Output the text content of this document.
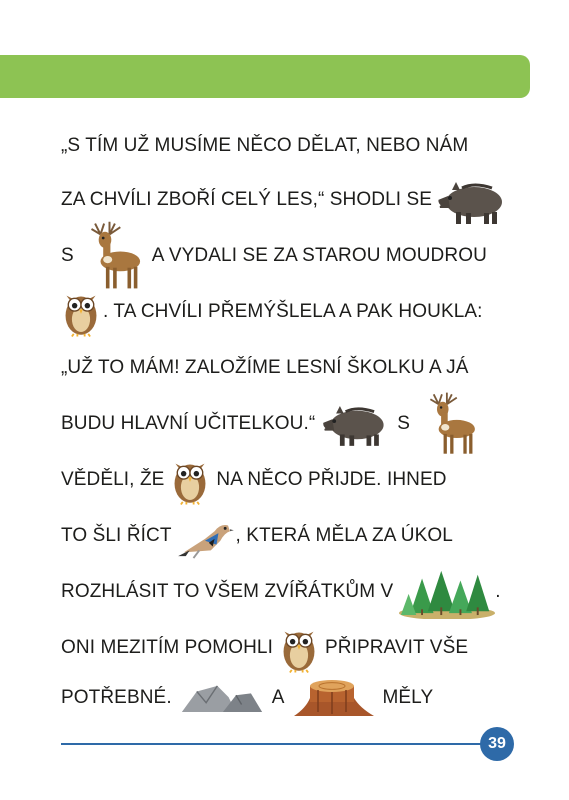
„S TÍM UŽ MUSÍME NĚCO DĚLAT, NEBO NÁM
ZA CHVÍLI ZBOŘÍ CELÝ LES,“ SHODLI SE
S	A VYDALI SE ZA STAROU MOUDROU
. TA CHVÍLI PŘEMÝŠLELA A PAK HOUKLA:
„UŽ TO MÁM! ZALOŽÍME LESNÍ ŠKOLKU A JÁ
BUDU HLAVNÍ UČITELKOU.“	S
VĚDĚLI, ŽE	NA NĚCO PŘIJDE. IHNED
TO ŠLI ŘÍCT	, KTERÁ MĚLA ZA ÚKOL
ROZHLÁSIT TO VŠEM ZVÍŘÁTKŮM V	.
ONI MEZITÍM POMOHLI	PŘIPRAVIT VŠE
POTŘEBNÉ.	A	MĚLY
39
